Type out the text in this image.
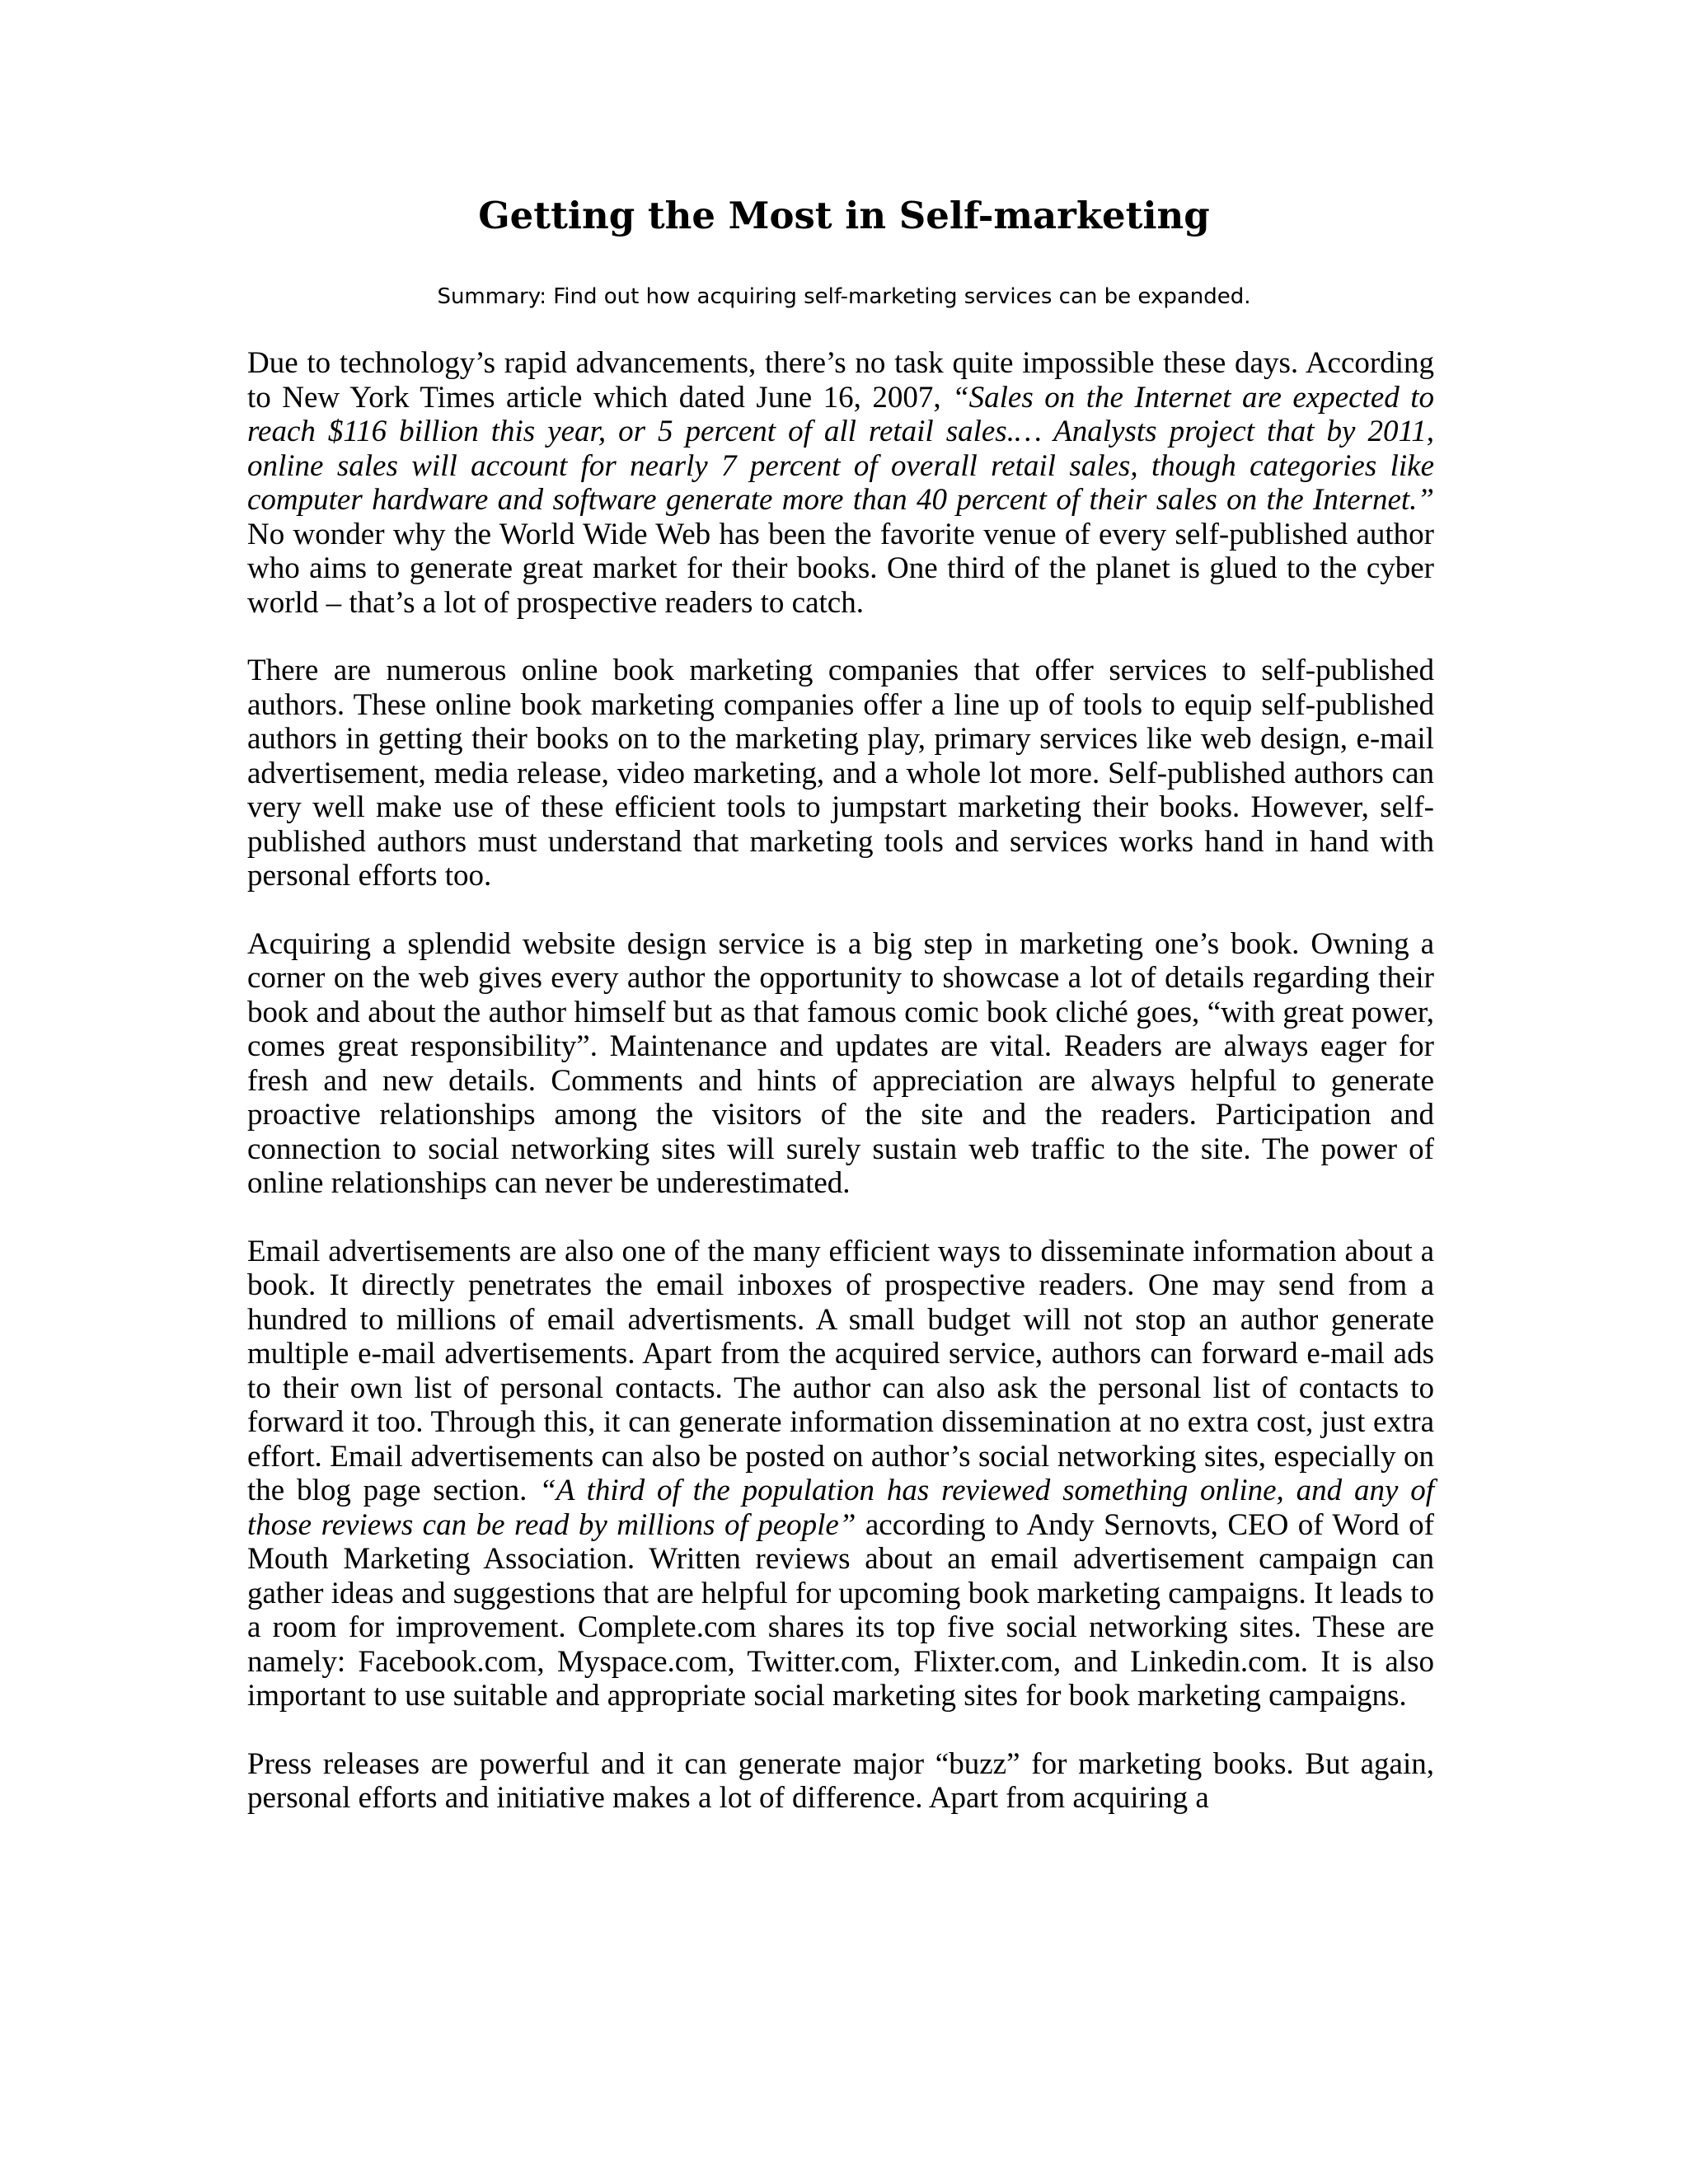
Getting the Most in Self-marketing

Summary: Find out how acquiring self-marketing services can be expanded.

Due to technology’s rapid advancements, there’s no task quite impossible these days. According to New York Times article which dated June 16, 2007, “Sales on the Internet are expected to reach $116 billion this year, or 5 percent of all retail sales.… Analysts project that by 2011, online sales will account for nearly 7 percent of overall retail sales, though categories like computer hardware and software generate more than 40 percent of their sales on the Internet.” No wonder why the World Wide Web has been the favorite venue of every self-published author who aims to generate great market for their books. One third of the planet is glued to the cyber world – that’s a lot of prospective readers to catch.

There are numerous online book marketing companies that offer services to self-published authors. These online book marketing companies offer a line up of tools to equip self-published authors in getting their books on to the marketing play, primary services like web design, e-mail advertisement, media release, video marketing, and a whole lot more. Self-published authors can very well make use of these efficient tools to jumpstart marketing their books. However, self-published authors must understand that marketing tools and services works hand in hand with personal efforts too.

Acquiring a splendid website design service is a big step in marketing one’s book. Owning a corner on the web gives every author the opportunity to showcase a lot of details regarding their book and about the author himself but as that famous comic book cliché goes, “with great power, comes great responsibility”. Maintenance and updates are vital. Readers are always eager for fresh and new details. Comments and hints of appreciation are always helpful to generate proactive relationships among the visitors of the site and the readers. Participation and connection to social networking sites will surely sustain web traffic to the site. The power of online relationships can never be underestimated.

Email advertisements are also one of the many efficient ways to disseminate information about a book. It directly penetrates the email inboxes of prospective readers. One may send from a hundred to millions of email advertisments. A small budget will not stop an author generate multiple e-mail advertisements. Apart from the acquired service, authors can forward e-mail ads to their own list of personal contacts. The author can also ask the personal list of contacts to forward it too. Through this, it can generate information dissemination at no extra cost, just extra effort. Email advertisements can also be posted on author’s social networking sites, especially on the blog page section. “A third of the population has reviewed something online, and any of those reviews can be read by millions of people” according to Andy Sernovts, CEO of Word of Mouth Marketing Association. Written reviews about an email advertisement campaign can gather ideas and suggestions that are helpful for upcoming book marketing campaigns. It leads to a room for improvement. Complete.com shares its top five social networking sites. These are namely: Facebook.com, Myspace.com, Twitter.com, Flixter.com, and Linkedin.com. It is also important to use suitable and appropriate social marketing sites for book marketing campaigns.

Press releases are powerful and it can generate major “buzz” for marketing books. But again, personal efforts and initiative makes a lot of difference. Apart from acquiring a
